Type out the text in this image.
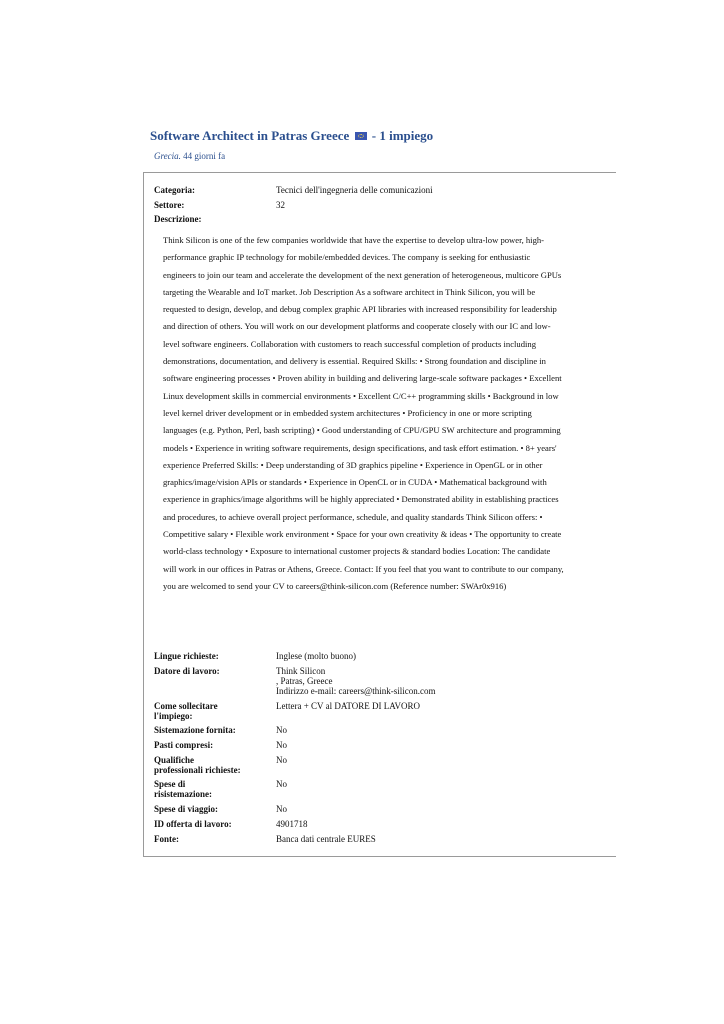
Software Architect in Patras Greece  - 1 impiego
Grecia. 44 giorni fa
Categoria:	Tecnici dell'ingegneria delle comunicazioni
Settore:	32
Descrizione:

Think Silicon is one of the few companies worldwide that have the expertise to develop ultra-low power, high-performance graphic IP technology for mobile/embedded devices. The company is seeking for enthusiastic engineers to join our team and accelerate the development of the next generation of heterogeneous, multicore GPUs targeting the Wearable and IoT market. Job Description As a software architect in Think Silicon, you will be requested to design, develop, and debug complex graphic API libraries with increased responsibility for leadership and direction of others. You will work on our development platforms and cooperate closely with our IC and low-level software engineers. Collaboration with customers to reach successful completion of products including demonstrations, documentation, and delivery is essential. Required Skills: • Strong foundation and discipline in software engineering processes • Proven ability in building and delivering large-scale software packages • Excellent Linux development skills in commercial environments • Excellent C/C++ programming skills • Background in low level kernel driver development or in embedded system architectures • Proficiency in one or more scripting languages (e.g. Python, Perl, bash scripting) • Good understanding of CPU/GPU SW architecture and programming models • Experience in writing software requirements, design specifications, and task effort estimation. • 8+ years' experience Preferred Skills: • Deep understanding of 3D graphics pipeline • Experience in OpenGL or in other graphics/image/vision APIs or standards • Experience in OpenCL or in CUDA • Mathematical background with experience in graphics/image algorithms will be highly appreciated • Demonstrated ability in establishing practices and procedures, to achieve overall project performance, schedule, and quality standards Think Silicon offers: • Competitive salary • Flexible work environment • Space for your own creativity & ideas • The opportunity to create world-class technology • Exposure to international customer projects & standard bodies Location: The candidate will work in our offices in Patras or Athens, Greece. Contact: If you feel that you want to contribute to our company, you are welcomed to send your CV to careers@think-silicon.com (Reference number: SWAr0x916)

Lingue richieste:	Inglese (molto buono)
Datore di lavoro:	Think Silicon
, Patras, Greece
Indirizzo e-mail: careers@think-silicon.com
Come sollecitare
l'impiego:
Lettera + CV al DATORE DI LAVORO
Sistemazione fornita:	No
Pasti compresi:	No
Qualifiche
professionali richieste:
No
Spese di
risistemazione:
No
Spese di viaggio:	No
ID offerta di lavoro:	4901718
Fonte:	Banca dati centrale EURES
